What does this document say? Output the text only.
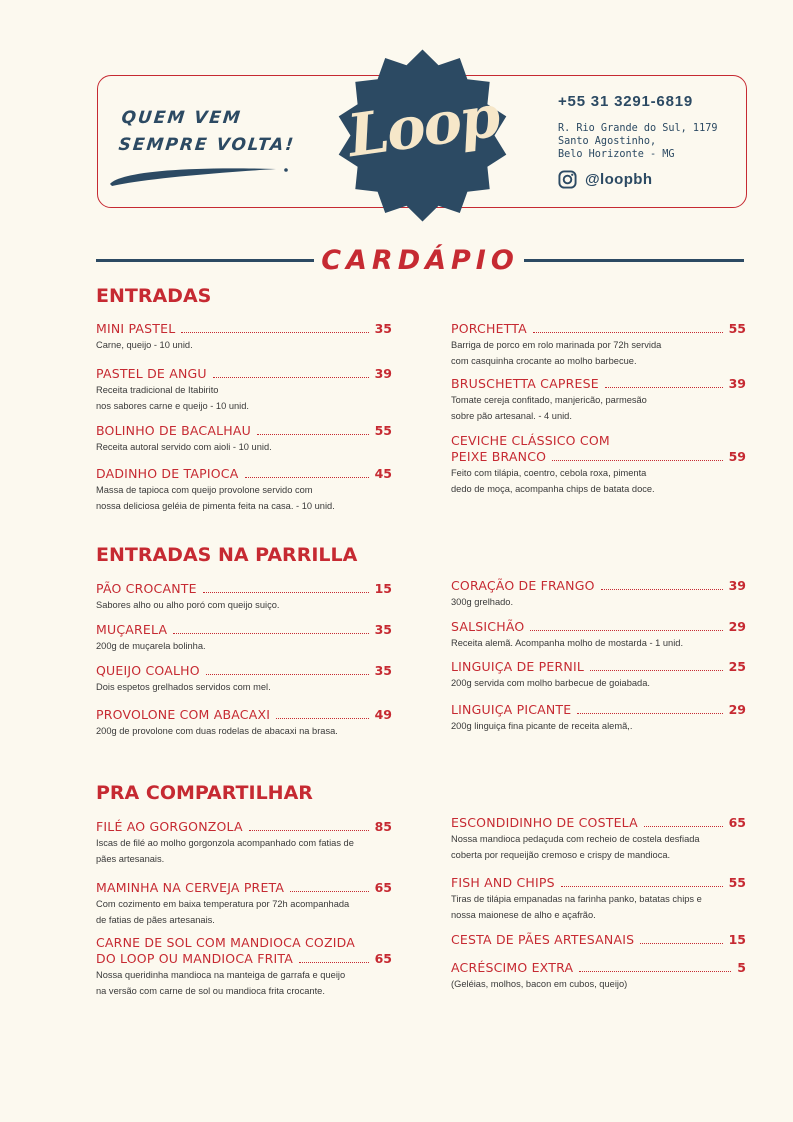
QUEM VEM
SEMPRE VOLTA! Loop	+55 31 3291-6819
R. Rio Grande do Sul, 1179
Santo Agostinho,
Belo Horizonte - MG
@loopbh
CARDÁPIO
ENTRADAS
MINI PASTEL	35
Carne, queijo - 10 unid.
PASTEL DE ANGU	39
Receita tradicional de Itabirito
nos sabores carne e queijo - 10 unid.
BOLINHO DE BACALHAU	55
Receita autoral servido com aioli - 10 unid.
DADINHO DE TAPIOCA	45
Massa de tapioca com queijo provolone servido com
nossa deliciosa geléia de pimenta feita na casa. - 10 unid.
PORCHETTA	55
Barriga de porco em rolo marinada por 72h servida
com casquinha crocante ao molho barbecue.
BRUSCHETTA CAPRESE	39
Tomate cereja confitado, manjericão, parmesão
sobre pão artesanal. - 4 unid.
CEVICHE CLÁSSICO COM
PEIXE BRANCO	59
Feito com tilápia, coentro, cebola roxa, pimenta
dedo de moça, acompanha chips de batata doce.
ENTRADAS NA PARRILLA
PÃO CROCANTE	15
Sabores alho ou alho poró com queijo suiço.
MUÇARELA	35
200g de muçarela bolinha.
QUEIJO COALHO	35
Dois espetos grelhados servidos com mel.
PROVOLONE COM ABACAXI	49
200g de provolone com duas rodelas de abacaxi na brasa.
CORAÇÃO DE FRANGO	39
300g grelhado.
SALSICHÃO	29
Receita alemã. Acompanha molho de mostarda - 1 unid.
LINGUIÇA DE PERNIL	25
200g servida com molho barbecue de goiabada.
LINGUIÇA PICANTE	29
200g linguiça fina picante de receita alemã,.
PRA COMPARTILHAR
FILÉ AO GORGONZOLA	85
Iscas de filé ao molho gorgonzola acompanhado com fatias de
pães artesanais.
MAMINHA NA CERVEJA PRETA	65
Com cozimento em baixa temperatura por 72h acompanhada
de fatias de pães artesanais.
CARNE DE SOL COM MANDIOCA COZIDA
DO LOOP OU MANDIOCA FRITA	65
Nossa queridinha mandioca na manteiga de garrafa e queijo
na versão com carne de sol ou mandioca frita crocante.
ESCONDIDINHO DE COSTELA	65
Nossa mandioca pedaçuda com recheio de costela desfiada
coberta por requeijão cremoso e crispy de mandioca.
FISH AND CHIPS	55
Tiras de tilápia empanadas na farinha panko, batatas chips e
nossa maionese de alho e açafrão.
CESTA DE PÃES ARTESANAIS	15
ACRÉSCIMO EXTRA	5
(Geléias, molhos, bacon em cubos, queijo)
